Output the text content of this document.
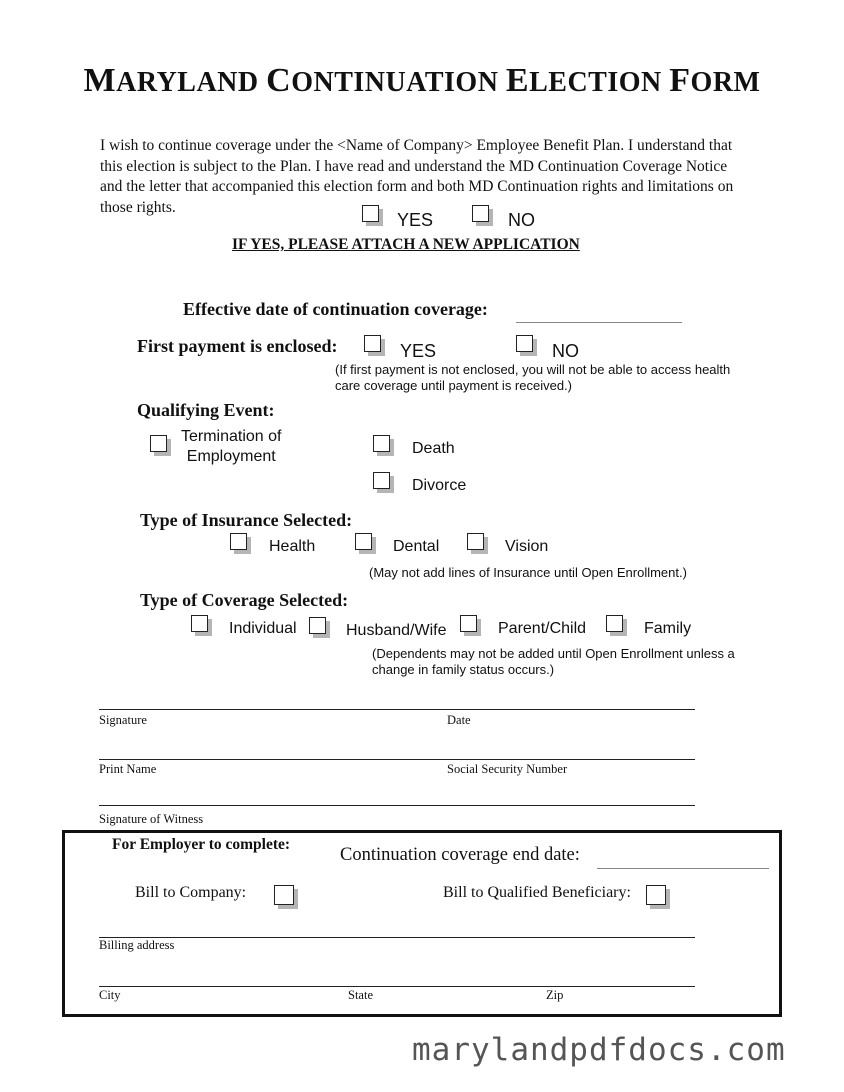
MARYLAND CONTINUATION ELECTION FORM
I wish to continue coverage under the <Name of Company> Employee Benefit Plan. I understand that
this election is subject to the Plan. I have read and understand the MD Continuation Coverage Notice
and the letter that accompanied this election form and both MD Continuation rights and limitations on
those rights.
YES	NO
IF YES, PLEASE ATTACH A NEW APPLICATION
Effective date of continuation coverage:
First payment is enclosed:	YES	NO
(If first payment is not enclosed, you will not be able to access health
care coverage until payment is received.)
Qualifying Event:
Termination of
Employment	Death
Divorce
Type of Insurance Selected:
Health	Dental	Vision
(May not add lines of Insurance until Open Enrollment.)
Type of Coverage Selected:
Individual	Husband/Wife	Parent/Child	Family
(Dependents may not be added until Open Enrollment unless a
change in family status occurs.)
Signature	Date
Print Name	Social Security Number
Signature of Witness
For Employer to complete:
Continuation coverage end date:
Bill to Company:	Bill to Qualified Beneficiary:
Billing address
City	State	Zip
marylandpdfdocs.com
